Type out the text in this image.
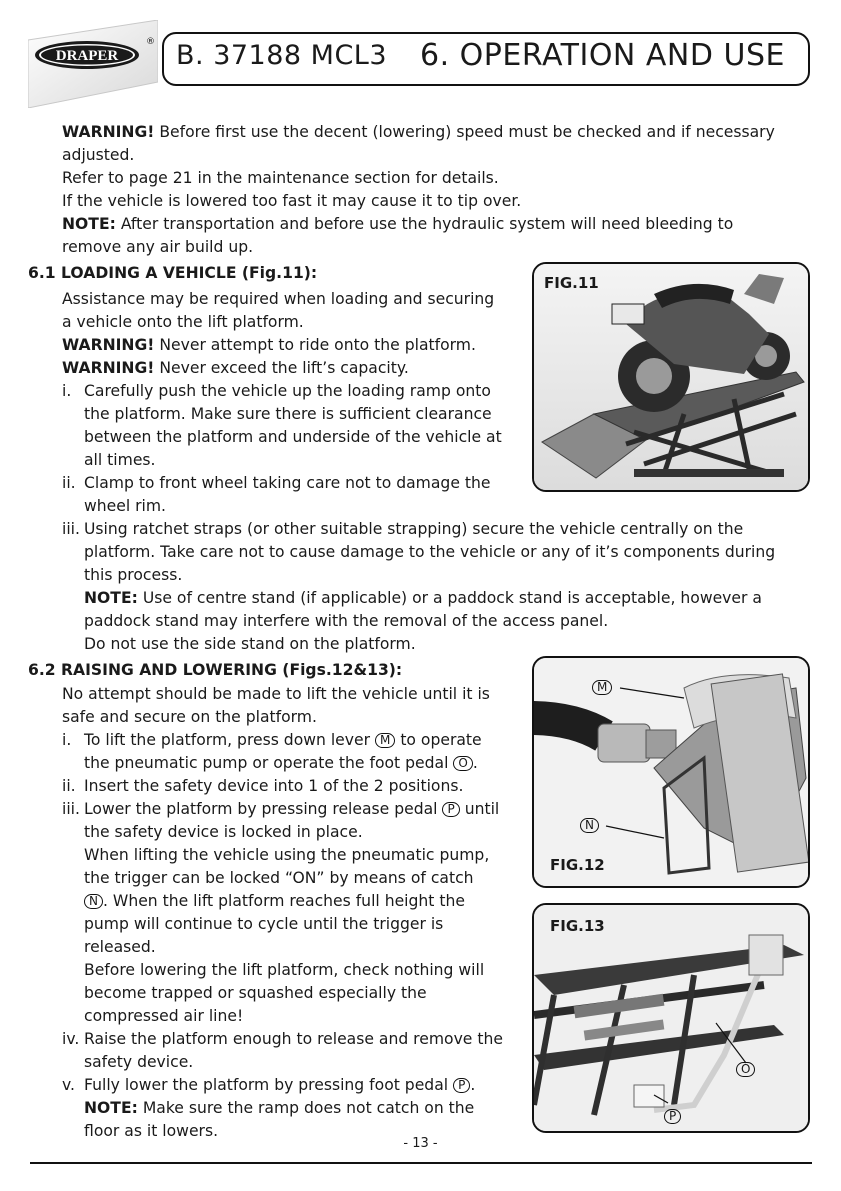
DRAPER
® B. 37188 MCL3 6. OPERATION AND USE
WARNING! Before first use the decent (lowering) speed must be checked and if necessary
adjusted.
Refer to page 21 in the maintenance section for details.
If the vehicle is lowered too fast it may cause it to tip over.
NOTE: After transportation and before use the hydraulic system will need bleeding to
remove any air build up.
6.1 LOADING A VEHICLE (Fig.11):
Assistance may be required when loading and securing
a vehicle onto the lift platform.
WARNING! Never attempt to ride onto the platform.
WARNING! Never exceed the lift’s capacity.
i. Carefully push the vehicle up the loading ramp onto
the platform. Make sure there is sufficient clearance
between the platform and underside of the vehicle at
all times.
ii. Clamp to front wheel taking care not to damage the
wheel rim.
iii. Using ratchet straps (or other suitable strapping) secure the vehicle centrally on the
platform. Take care not to cause damage to the vehicle or any of it’s components during
this process.
NOTE: Use of centre stand (if applicable) or a paddock stand is acceptable, however a
paddock stand may interfere with the removal of the access panel.
Do not use the side stand on the platform.
FIG.11
6.2 RAISING AND LOWERING (Figs.12&13):
No attempt should be made to lift the vehicle until it is
safe and secure on the platform.
i. To lift the platform, press down lever M to operate
the pneumatic pump or operate the foot pedal O .
ii. Insert the safety device into 1 of the 2 positions.
iii. Lower the platform by pressing release pedal P until
the safety device is locked in place.
When lifting the vehicle using the pneumatic pump,
the trigger can be locked “ON” by means of catch
N . When the lift platform reaches full height the
pump will continue to cycle until the trigger is
released.
Before lowering the lift platform, check nothing will
become trapped or squashed especially the
compressed air line!
iv. Raise the platform enough to release and remove the
safety device.
v. Fully lower the platform by pressing foot pedal P .
NOTE: Make sure the ramp does not catch on the
floor as it lowers.
M
N
FIG.12
O
P
FIG.13
- 13 -
